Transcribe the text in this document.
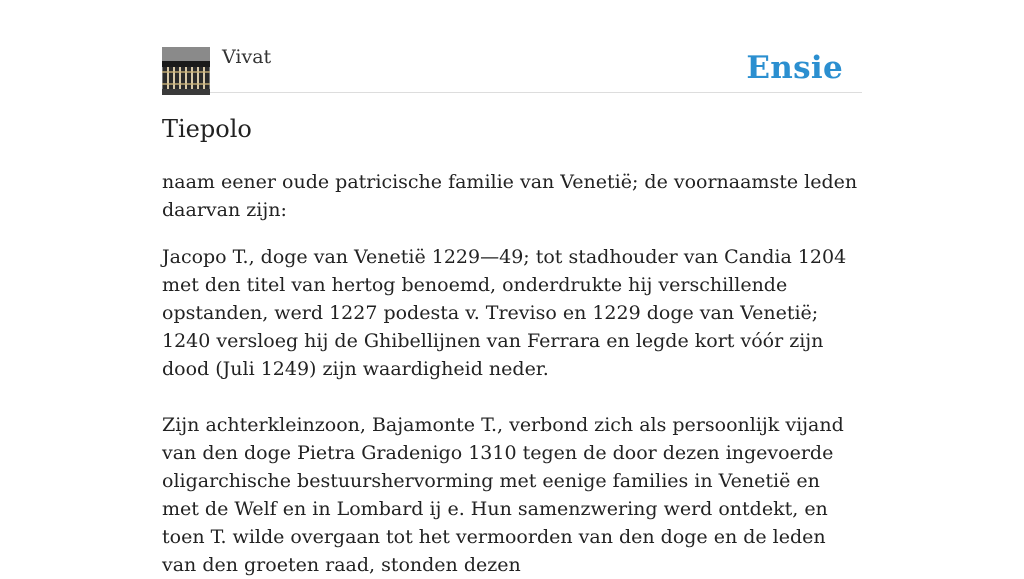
Vivat	Ensie
Tiepolo

naam eener oude patricische familie van Venetië; de voornaamste leden daarvan zijn:

Jacopo T., doge van Venetië 1229—49; tot stadhouder van Candia 1204 met den titel van hertog benoemd, onderdrukte hij verschillende opstanden, werd 1227 podesta v. Treviso en 1229 doge van Venetië; 1240 versloeg hij de Ghibellijnen van Ferrara en legde kort vóór zijn dood (Juli 1249) zijn waardigheid neder.

Zijn achterkleinzoon, Bajamonte T., verbond zich als persoonlijk vijand van den doge Pietra Gradenigo 1310 tegen de door dezen ingevoerde oligarchische bestuurshervorming met eenige families in Venetië en met de Welf en in Lombard ij e. Hun samenzwering werd ontdekt, en toen T. wilde overgaan tot het vermoorden van den doge en de leden van den groeten raad, stonden dezen
